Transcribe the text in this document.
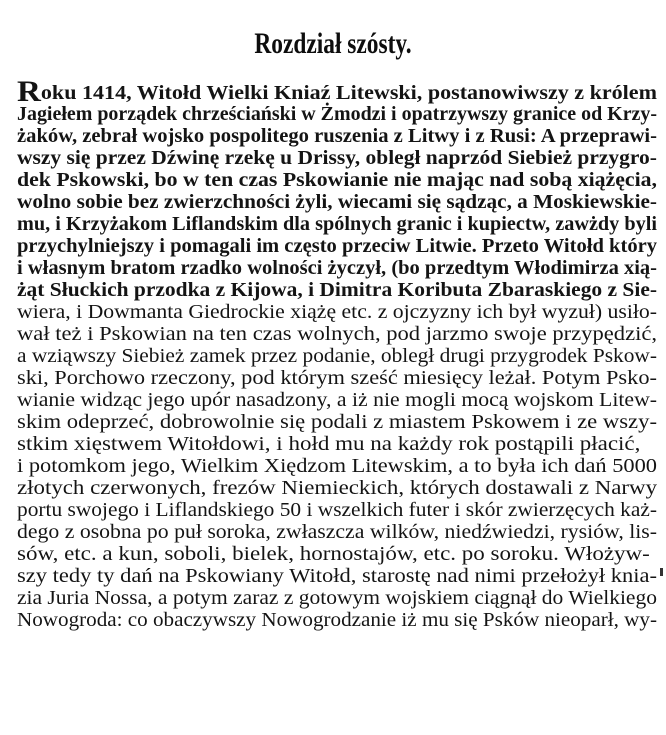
Rozdział szósty.
Roku 1414, Witołd Wielki Kniaź Litewski, postanowiwszy z królem
Jagiełem porządek chrześciański w Żmodzi i opatrzywszy granice od Krzy-
żaków, zebrał wojsko pospolitego ruszenia z Litwy i z Rusi: A przeprawi-
wszy się przez Dźwinę rzekę u Drissy, obległ naprzód Siebież przygro-
dek Pskowski, bo w ten czas Pskowianie nie mając nad sobą xiążęcia,
wolno sobie bez zwierzchności żyli, wiecami się sądząc, a Moskiewskie-
mu, i Krzyżakom Liflandskim dla spólnych granic i kupiectw, zawżdy byli
przychylniejszy i pomagali im często przeciw Litwie. Przeto Witołd który
i własnym bratom rzadko wolności życzył, (bo przedtym Włodimirza xią-
żąt Słuckich przodka z Kijowa, i Dimitra Koributa Zbaraskiego z Sie-
wiera, i Dowmanta Giedrockie xiążę etc. z ojczyzny ich był wyzuł) usiło-
wał też i Pskowian na ten czas wolnych, pod jarzmo swoje przypędzić,
a wziąwszy Siebież zamek przez podanie, obległ drugi przygrodek Pskow-
ski, Porchowo rzeczony, pod którym sześć miesięcy leżał. Potym Psko-
wianie widząc jego upór nasadzony, a iż nie mogli mocą wojskom Litew-
skim odeprzeć, dobrowolnie się podali z miastem Pskowem i ze wszy-
stkim xięstwem Witołdowi, i hołd mu na każdy rok postąpili płacić,
i potomkom jego, Wielkim Xiędzom Litewskim, a to była ich dań 5000
złotych czerwonych, frezów Niemieckich, których dostawali z Narwy
portu swojego i Liflandskiego 50 i wszelkich futer i skór zwierzęcych każ-
dego z osobna po puł soroka, zwłaszcza wilków, niedźwiedzi, rysiów, lis-
sów, etc. a kun, soboli, bielek, hornostajów, etc. po soroku. Włożyw-
szy tedy ty dań na Pskowiany Witołd, starostę nad nimi przełożył knia-
zia Juria Nossa, a potym zaraz z gotowym wojskiem ciągnął do Wielkiego
Nowogroda: co obaczywszy Nowogrodzanie iż mu się Psków nieoparł, wy-
